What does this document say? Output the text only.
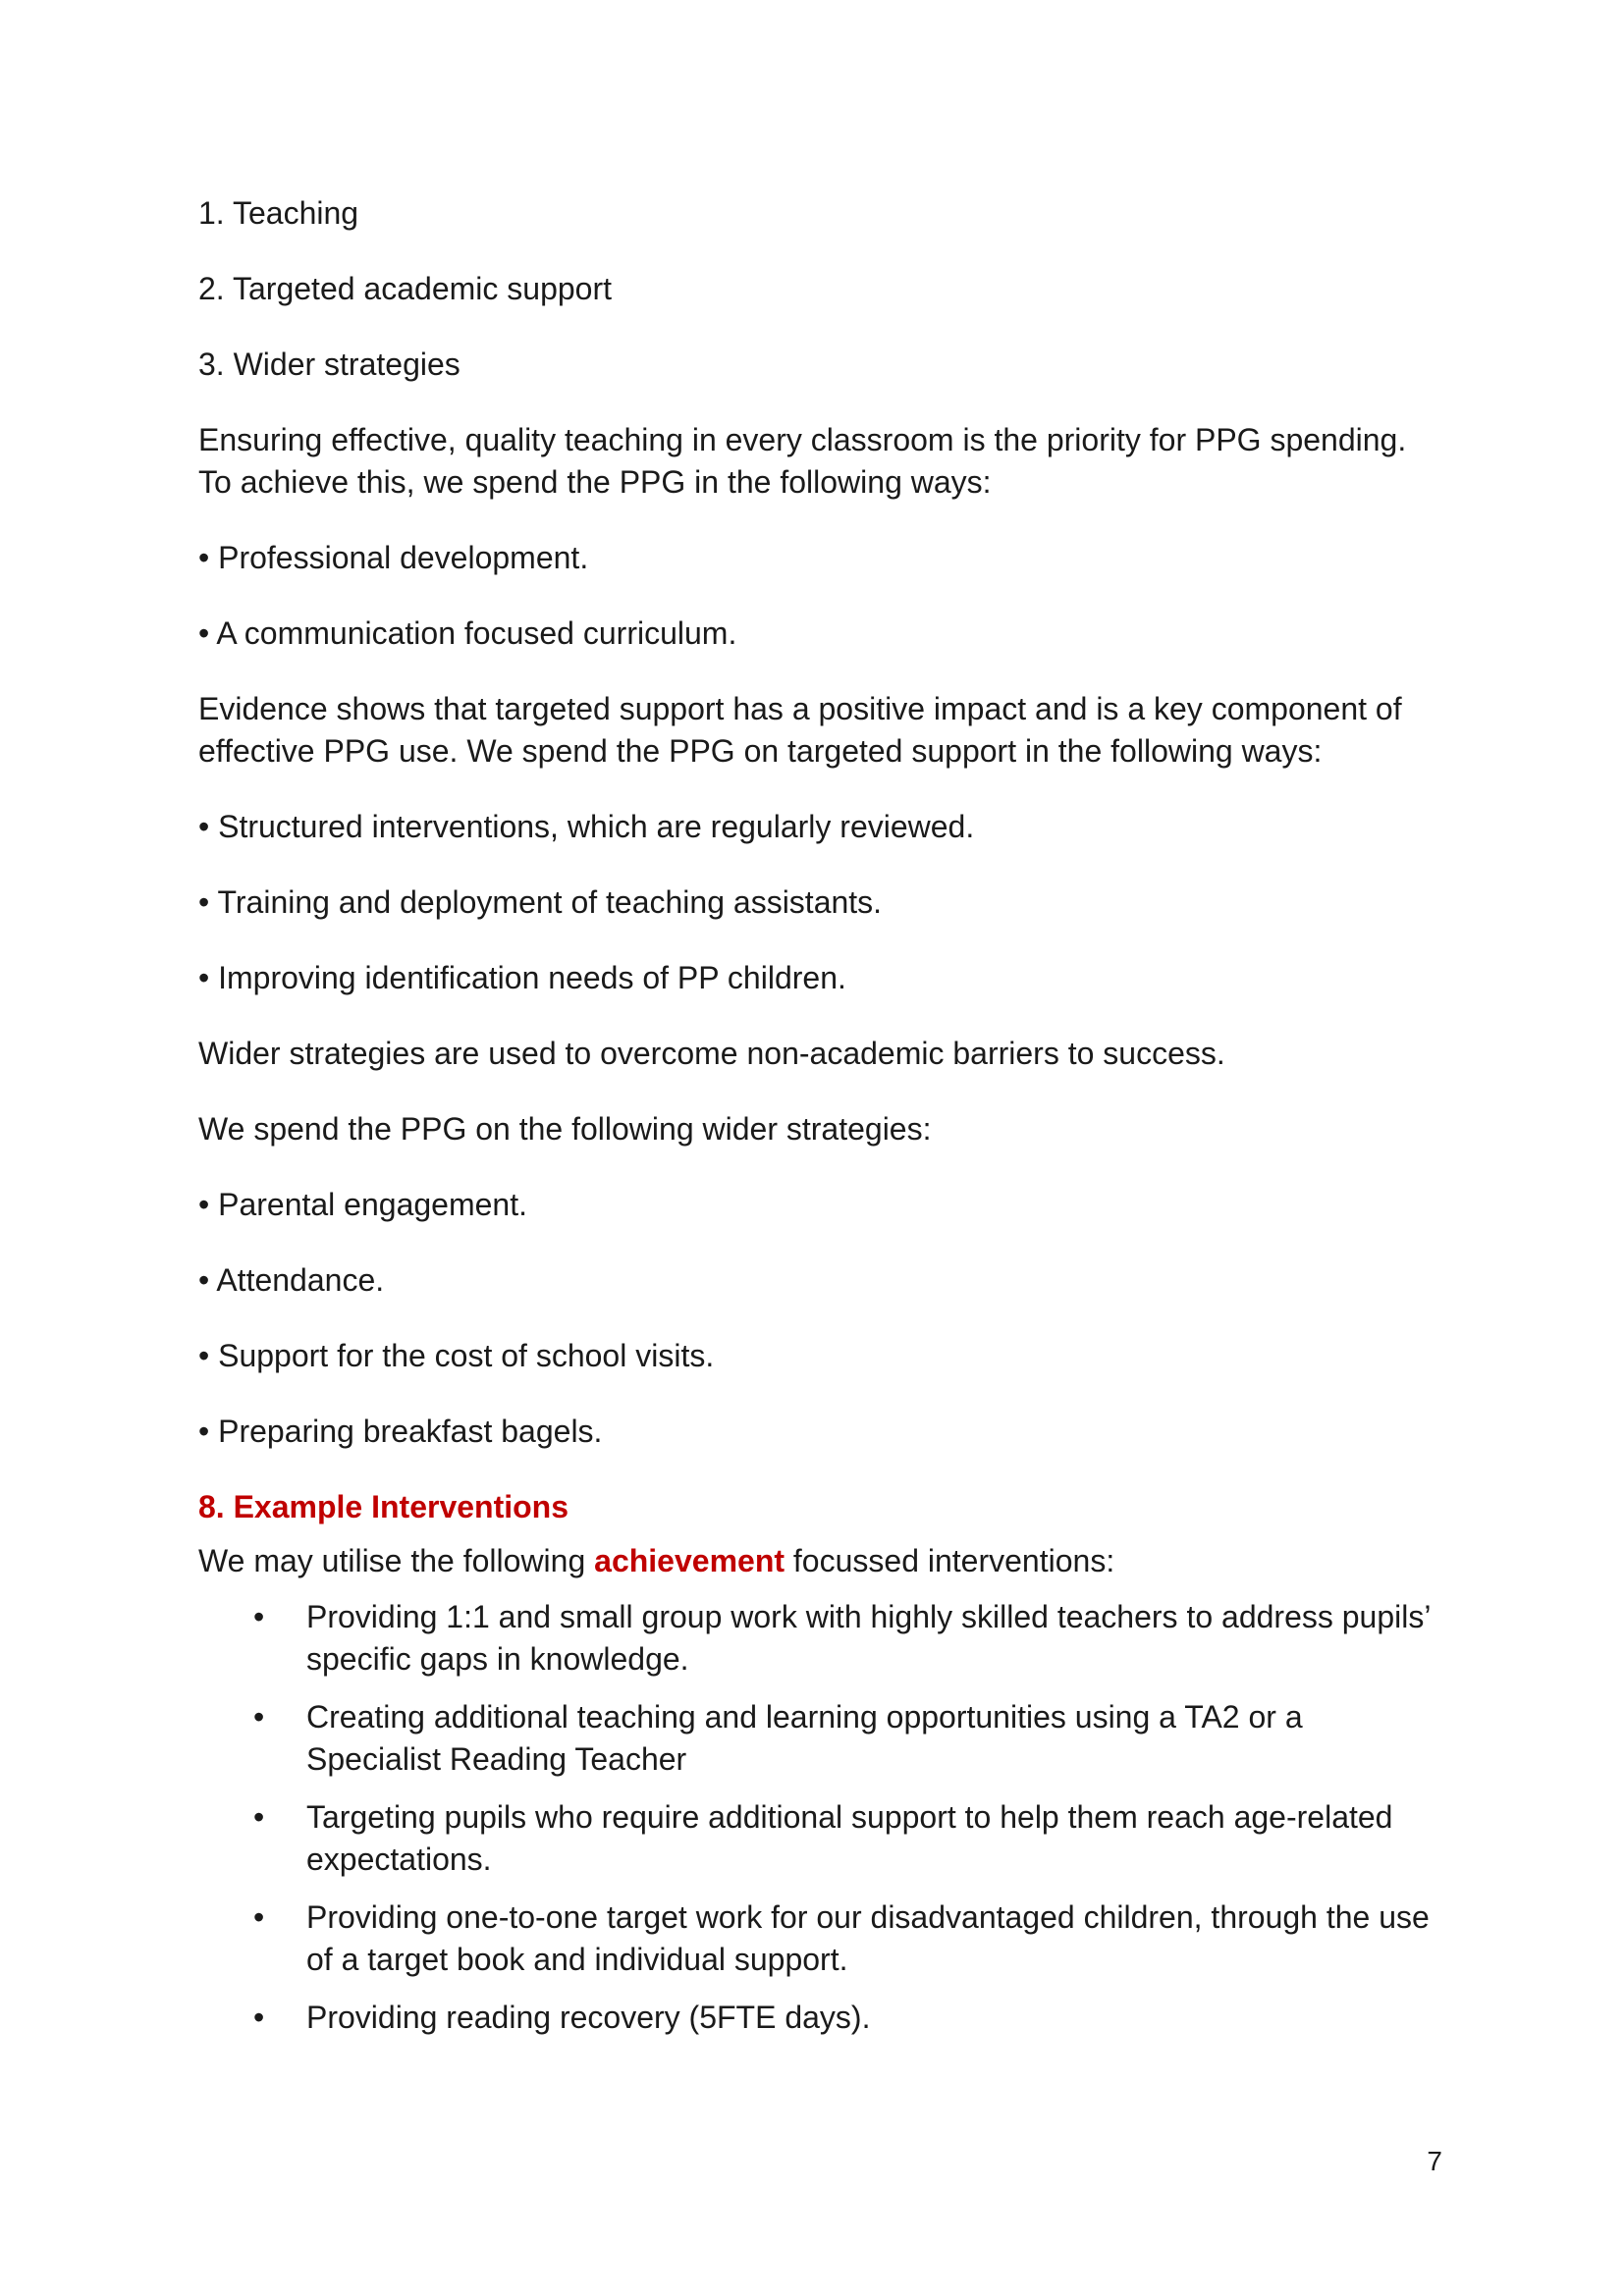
1. Teaching

2. Targeted academic support

3. Wider strategies

Ensuring effective, quality teaching in every classroom is the priority for PPG spending. To achieve this, we spend the PPG in the following ways:

• Professional development.

• A communication focused curriculum.

Evidence shows that targeted support has a positive impact and is a key component of effective PPG use. We spend the PPG on targeted support in the following ways:

• Structured interventions, which are regularly reviewed.

• Training and deployment of teaching assistants.

• Improving identification needs of PP children.

Wider strategies are used to overcome non-academic barriers to success.

We spend the PPG on the following wider strategies:

• Parental engagement.

• Attendance.

• Support for the cost of school visits.

• Preparing breakfast bagels.

8. Example Interventions

We may utilise the following achievement focussed interventions:

• Providing 1:1 and small group work with highly skilled teachers to address pupils’ specific gaps in knowledge.
• Creating additional teaching and learning opportunities using a TA2 or a Specialist Reading Teacher
• Targeting pupils who require additional support to help them reach age-related expectations.
• Providing one-to-one target work for our disadvantaged children, through the use of a target book and individual support.
• Providing reading recovery (5FTE days).
7
